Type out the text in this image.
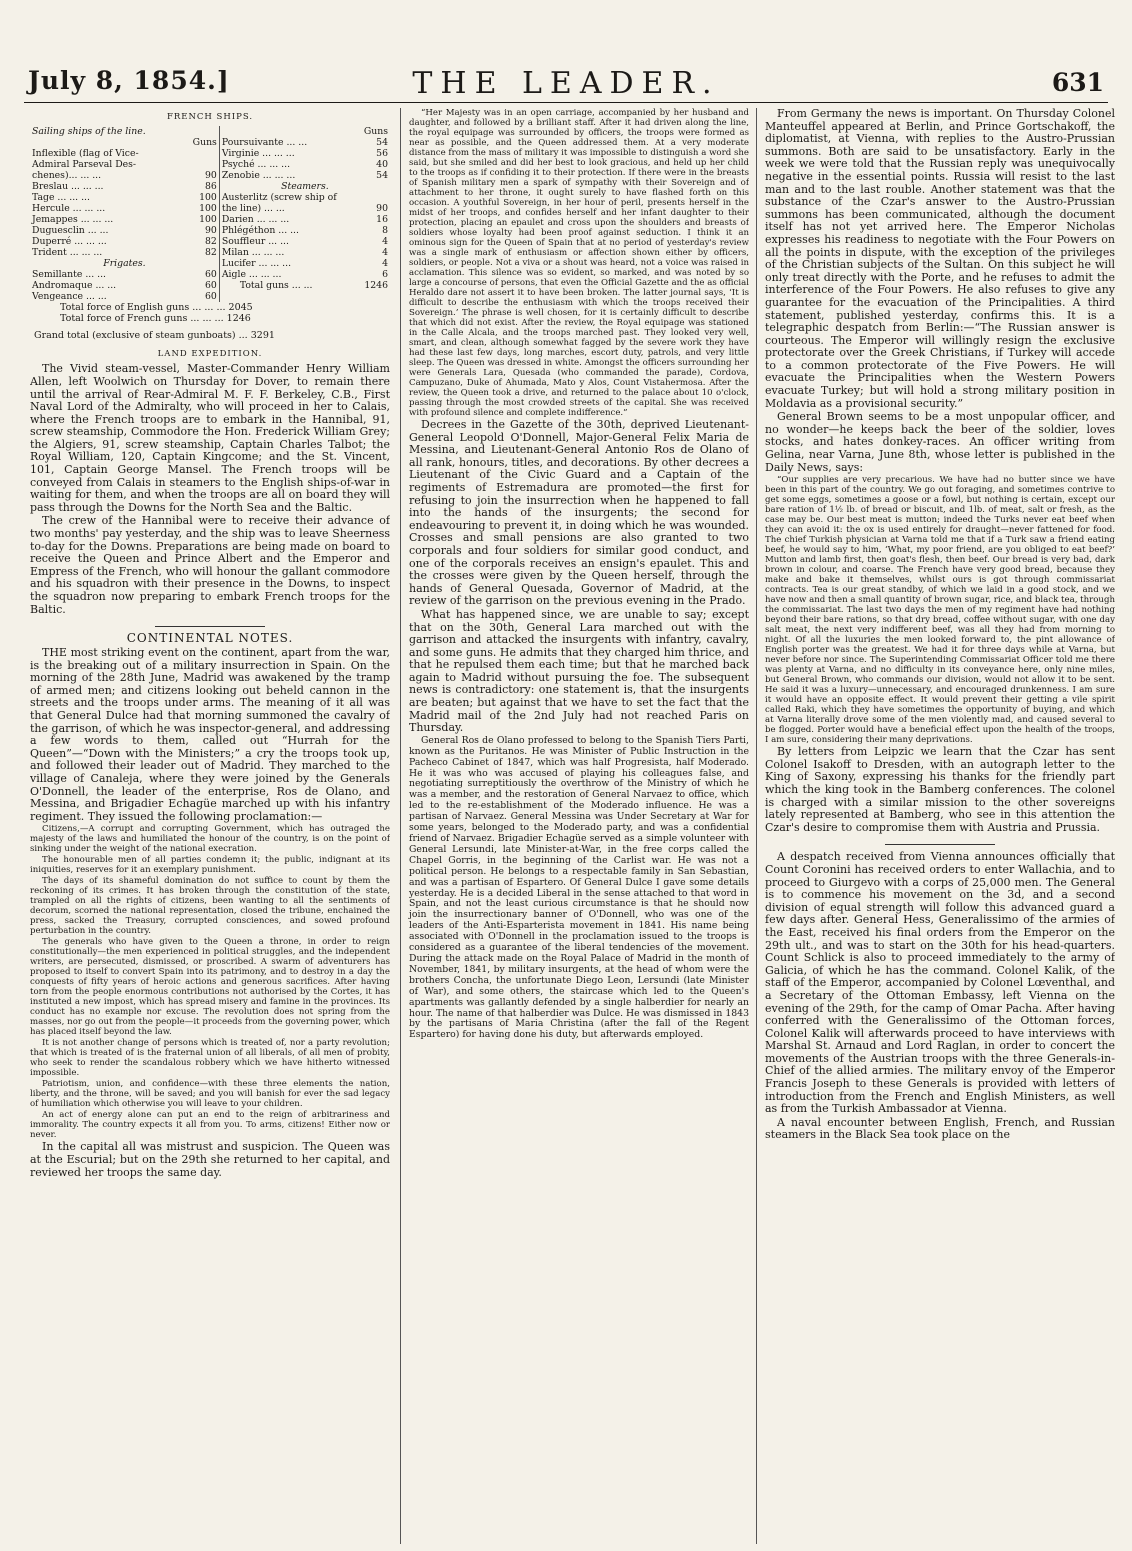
July 8, 1854.]	THE LEADER.	631
FRENCH SHIPS.
Sailing ships of the line.			Guns

	Guns
Inflexible (flag of Vice-	
Admiral Parseval Des-	
chenes)... ... ...	90
Breslau ... ... ...	86
Tage ... ... ...	100
Hercule ... ... ...	100
Jemappes ... ... ...	100
Duguesclin ... ...	90
Duperré ... ... ...	82
Trident ... ... ...	82
Frigates.
Semillante ... ...	60
Andromaque ... ...	60
Vengeance ... ...	60

Poursuivante ... ...	54
Virginie ... ... ...	56
Psyché ... ... ...	40
Zenobie ... ... ...	54
Steamers.
Austerlitz (screw ship of	
the line) ... ...	90
Darien ... ... ...	16
Phlégéthon ... ...	8
Souffleur ... ...	4
Milan ... ... ...	4
Lucifer ... ... ...	4
Aigle ... ... ...	6
Total guns ... ...	1246
Total force of English guns ... ... ... 2045
Total force of French guns ... ... ... 1246
Grand total (exclusive of steam gunboats) ... 3291
LAND EXPEDITION.

The Vivid steam-vessel, Master-Commander Henry William Allen, left Woolwich on Thursday for Dover, to remain there until the arrival of Rear-Admiral M. F. F. Berkeley, C.B., First Naval Lord of the Admiralty, who will proceed in her to Calais, where the French troops are to embark in the Hannibal, 91, screw steamship, Commodore the Hon. Frederick William Grey; the Algiers, 91, screw steamship, Captain Charles Talbot; the Royal William, 120, Captain Kingcome; and the St. Vincent, 101, Captain George Mansel. The French troops will be conveyed from Calais in steamers to the English ships-of-war in waiting for them, and when the troops are all on board they will pass through the Downs for the North Sea and the Baltic.

The crew of the Hannibal were to receive their advance of two months' pay yesterday, and the ship was to leave Sheerness to-day for the Downs. Preparations are being made on board to receive the Queen and Prince Albert and the Emperor and Empress of the French, who will honour the gallant commodore and his squadron with their presence in the Downs, to inspect the squadron now preparing to embark French troops for the Baltic.

CONTINENTAL NOTES.

THE most striking event on the continent, apart from the war, is the breaking out of a military insurrection in Spain. On the morning of the 28th June, Madrid was awakened by the tramp of armed men; and citizens looking out beheld cannon in the streets and the troops under arms. The meaning of it all was that General Dulce had that morning summoned the cavalry of the garrison, of which he was inspector-general, and addressing a few words to them, called out “Hurrah for the Queen”—“Down with the Ministers;” a cry the troops took up, and followed their leader out of Madrid. They marched to the village of Canaleja, where they were joined by the Generals O'Donnell, the leader of the enterprise, Ros de Olano, and Messina, and Brigadier Echagüe marched up with his infantry regiment. They issued the following proclamation:—

Citizens,—A corrupt and corrupting Government, which has outraged the majesty of the laws and humiliated the honour of the country, is on the point of sinking under the weight of the national execration.

The honourable men of all parties condemn it; the public, indignant at its iniquities, reserves for it an exemplary punishment.

The days of its shameful domination do not suffice to count by them the reckoning of its crimes. It has broken through the constitution of the state, trampled on all the rights of citizens, been wanting to all the sentiments of decorum, scorned the national representation, closed the tribune, enchained the press, sacked the Treasury, corrupted consciences, and sowed profound perturbation in the country.

The generals who have given to the Queen a throne, in order to reign constitutionally—the men experienced in political struggles, and the independent writers, are persecuted, dismissed, or proscribed. A swarm of adventurers has proposed to itself to convert Spain into its patrimony, and to destroy in a day the conquests of fifty years of heroic actions and generous sacrifices. After having torn from the people enormous contributions not authorised by the Cortes, it has instituted a new impost, which has spread misery and famine in the provinces. Its conduct has no example nor excuse. The revolution does not spring from the masses, nor go out from the people—it proceeds from the governing power, which has placed itself beyond the law.

It is not another change of persons which is treated of, nor a party revolution; that which is treated of is the fraternal union of all liberals, of all men of probity, who seek to render the scandalous robbery which we have hitherto witnessed impossible.

Patriotism, union, and confidence—with these three elements the nation, liberty, and the throne, will be saved; and you will banish for ever the sad legacy of humiliation which otherwise you will leave to your children.

An act of energy alone can put an end to the reign of arbitrariness and immorality. The country expects it all from you. To arms, citizens! Either now or never.

In the capital all was mistrust and suspicion. The Queen was at the Escurial; but on the 29th she returned to her capital, and reviewed her troops the same day.

“Her Majesty was in an open carriage, accompanied by her husband and daughter, and followed by a brilliant staff. After it had driven along the line, the royal equipage was surrounded by officers, the troops were formed as near as possible, and the Queen addressed them. At a very moderate distance from the mass of military it was impossible to distinguish a word she said, but she smiled and did her best to look gracious, and held up her child to the troops as if confiding it to their protection. If there were in the breasts of Spanish military men a spark of sympathy with their Sovereign and of attachment to her throne, it ought surely to have flashed forth on this occasion. A youthful Sovereign, in her hour of peril, presents herself in the midst of her troops, and confides herself and her infant daughter to their protection, placing an epaulet and cross upon the shoulders and breasts of soldiers whose loyalty had been proof against seduction. I think it an ominous sign for the Queen of Spain that at no period of yesterday's review was a single mark of enthusiasm or affection shown either by officers, soldiers, or people. Not a viva or a shout was heard, not a voice was raised in acclamation. This silence was so evident, so marked, and was noted by so large a concourse of persons, that even the Official Gazette and the as official Heraldo dare not assert it to have been broken. The latter journal says, ‘It is difficult to describe the enthusiasm with which the troops received their Sovereign.’ The phrase is well chosen, for it is certainly difficult to describe that which did not exist. After the review, the Royal equipage was stationed in the Calle Alcala, and the troops marched past. They looked very well, smart, and clean, although somewhat fagged by the severe work they have had these last few days, long marches, escort duty, patrols, and very little sleep. The Queen was dressed in white. Amongst the officers surrounding her were Generals Lara, Quesada (who commanded the parade), Cordova, Campuzano, Duke of Ahumada, Mato y Alos, Count Vistahermosa. After the review, the Queen took a drive, and returned to the palace about 10 o'clock, passing through the most crowded streets of the capital. She was received with profound silence and complete indifference.”

Decrees in the Gazette of the 30th, deprived Lieutenant-General Leopold O'Donnell, Major-General Felix Maria de Messina, and Lieutenant-General Antonio Ros de Olano of all rank, honours, titles, and decorations. By other decrees a Lieutenant of the Civic Guard and a Captain of the regiments of Estremadura are promoted—the first for refusing to join the insurrection when he happened to fall into the hands of the insurgents; the second for endeavouring to prevent it, in doing which he was wounded. Crosses and small pensions are also granted to two corporals and four soldiers for similar good conduct, and one of the corporals receives an ensign's epaulet. This and the crosses were given by the Queen herself, through the hands of General Quesada, Governor of Madrid, at the review of the garrison on the previous evening in the Prado.

What has happened since, we are unable to say; except that on the 30th, General Lara marched out with the garrison and attacked the insurgents with infantry, cavalry, and some guns. He admits that they charged him thrice, and that he repulsed them each time; but that he marched back again to Madrid without pursuing the foe. The subsequent news is contradictory: one statement is, that the insurgents are beaten; but against that we have to set the fact that the Madrid mail of the 2nd July had not reached Paris on Thursday.

General Ros de Olano professed to belong to the Spanish Tiers Parti, known as the Puritanos. He was Minister of Public Instruction in the Pacheco Cabinet of 1847, which was half Progresista, half Moderado. He it was who was accused of playing his colleagues false, and negotiating surreptitiously the overthrow of the Ministry of which he was a member, and the restoration of General Narvaez to office, which led to the re-establishment of the Moderado influence. He was a partisan of Narvaez. General Messina was Under Secretary at War for some years, belonged to the Moderado party, and was a confidential friend of Narvaez. Brigadier Echagüe served as a simple volunteer with General Lersundi, late Minister-at-War, in the free corps called the Chapel Gorris, in the beginning of the Carlist war. He was not a political person. He belongs to a respectable family in San Sebastian, and was a partisan of Espartero. Of General Dulce I gave some details yesterday. He is a decided Liberal in the sense attached to that word in Spain, and not the least curious circumstance is that he should now join the insurrectionary banner of O'Donnell, who was one of the leaders of the Anti-Esparterista movement in 1841. His name being associated with O'Donnell in the proclamation issued to the troops is considered as a guarantee of the liberal tendencies of the movement. During the attack made on the Royal Palace of Madrid in the month of November, 1841, by military insurgents, at the head of whom were the brothers Concha, the unfortunate Diego Leon, Lersundi (late Minister of War), and some others, the staircase which led to the Queen's apartments was gallantly defended by a single halberdier for nearly an hour. The name of that halberdier was Dulce. He was dismissed in 1843 by the partisans of Maria Christina (after the fall of the Regent Espartero) for having done his duty, but afterwards employed.

From Germany the news is important. On Thursday Colonel Manteuffel appeared at Berlin, and Prince Gortschakoff, the diplomatist, at Vienna, with replies to the Austro-Prussian summons. Both are said to be unsatisfactory. Early in the week we were told that the Russian reply was unequivocally negative in the essential points. Russia will resist to the last man and to the last rouble. Another statement was that the substance of the Czar's answer to the Austro-Prussian summons has been communicated, although the document itself has not yet arrived here. The Emperor Nicholas expresses his readiness to negotiate with the Four Powers on all the points in dispute, with the exception of the privileges of the Christian subjects of the Sultan. On this subject he will only treat directly with the Porte, and he refuses to admit the interference of the Four Powers. He also refuses to give any guarantee for the evacuation of the Principalities. A third statement, published yesterday, confirms this. It is a telegraphic despatch from Berlin:—“The Russian answer is courteous. The Emperor will willingly resign the exclusive protectorate over the Greek Christians, if Turkey will accede to a common protectorate of the Five Powers. He will evacuate the Principalities when the Western Powers evacuate Turkey; but will hold a strong military position in Moldavia as a provisional security.”

General Brown seems to be a most unpopular officer, and no wonder—he keeps back the beer of the soldier, loves stocks, and hates donkey-races. An officer writing from Gelina, near Varna, June 8th, whose letter is published in the Daily News, says:

“Our supplies are very precarious. We have had no butter since we have been in this part of the country. We go out foraging, and sometimes contrive to get some eggs, sometimes a goose or a fowl, but nothing is certain, except our bare ration of 1½ lb. of bread or biscuit, and 1lb. of meat, salt or fresh, as the case may be. Our best meat is mutton; indeed the Turks never eat beef when they can avoid it: the ox is used entirely for draught—never fattened for food. The chief Turkish physician at Varna told me that if a Turk saw a friend eating beef, he would say to him, ‘What, my poor friend, are you obliged to eat beef?’ Mutton and lamb first, then goat's flesh, then beef. Our bread is very bad, dark brown in colour, and coarse. The French have very good bread, because they make and bake it themselves, whilst ours is got through commissariat contracts. Tea is our great standby, of which we laid in a good stock, and we have now and then a small quantity of brown sugar, rice, and black tea, through the commissariat. The last two days the men of my regiment have had nothing beyond their bare rations, so that dry bread, coffee without sugar, with one day salt meat, the next very indifferent beef, was all they had from morning to night. Of all the luxuries the men looked forward to, the pint allowance of English porter was the greatest. We had it for three days while at Varna, but never before nor since. The Superintending Commissariat Officer told me there was plenty at Varna, and no difficulty in its conveyance here, only nine miles, but General Brown, who commands our division, would not allow it to be sent. He said it was a luxury—unnecessary, and encouraged drunkenness. I am sure it would have an opposite effect. It would prevent their getting a vile spirit called Raki, which they have sometimes the opportunity of buying, and which at Varna literally drove some of the men violently mad, and caused several to be flogged. Porter would have a beneficial effect upon the health of the troops, I am sure, considering their many deprivations.

By letters from Leipzic we learn that the Czar has sent Colonel Isakoff to Dresden, with an autograph letter to the King of Saxony, expressing his thanks for the friendly part which the king took in the Bamberg conferences. The colonel is charged with a similar mission to the other sovereigns lately represented at Bamberg, who see in this attention the Czar's desire to compromise them with Austria and Prussia.

A despatch received from Vienna announces officially that Count Coronini has received orders to enter Wallachia, and to proceed to Giurgevo with a corps of 25,000 men. The General is to commence his movement on the 3d, and a second division of equal strength will follow this advanced guard a few days after. General Hess, Generalissimo of the armies of the East, received his final orders from the Emperor on the 29th ult., and was to start on the 30th for his head-quarters. Count Schlick is also to proceed immediately to the army of Galicia, of which he has the command. Colonel Kalik, of the staff of the Emperor, accompanied by Colonel Lœventhal, and a Secretary of the Ottoman Embassy, left Vienna on the evening of the 29th, for the camp of Omar Pacha. After having conferred with the Generalissimo of the Ottoman forces, Colonel Kalik will afterwards proceed to have interviews with Marshal St. Arnaud and Lord Raglan, in order to concert the movements of the Austrian troops with the three Generals-in-Chief of the allied armies. The military envoy of the Emperor Francis Joseph to these Generals is provided with letters of introduction from the French and English Ministers, as well as from the Turkish Ambassador at Vienna.

A naval encounter between English, French, and Russian steamers in the Black Sea took place on the
